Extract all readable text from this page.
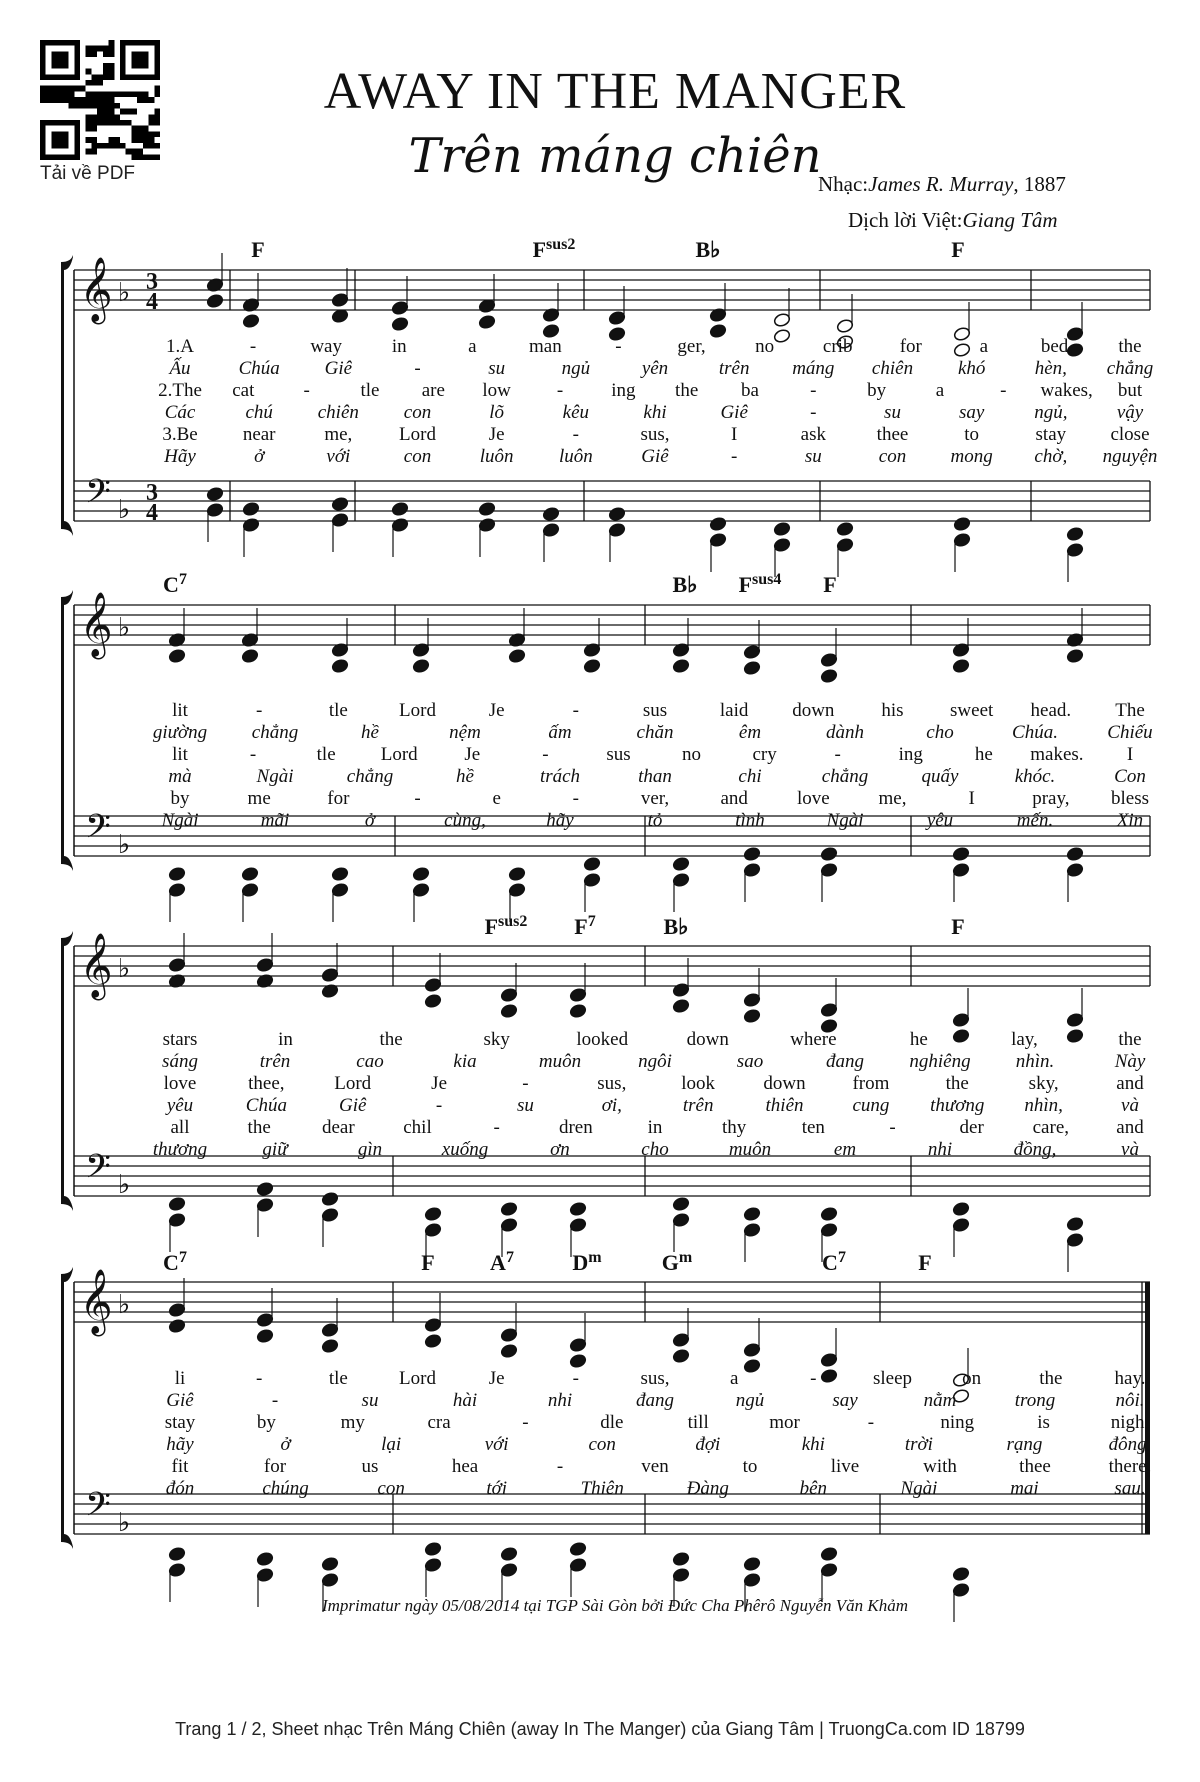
Tải về PDF
AWAY IN THE MANGER
Trên máng chiên
Nhạc:James R. Murray, 1887
Dịch lời Việt:Giang Tâm
𝄞
𝄢
♭
♭
3
4
3
4
F	$F^{sus2}$	B♭	F
1.A	-	way	in	a	man	-	ger,	no	crib for	a	bed, the
Ấu	Chúa Giê	-	su	ngủ	yên	trên máng chiên khó	hèn, chẳng
2.The cat	-	tle are low -	ing the ba	-	by	a	- wakes, but
Các	chú chiên con	lõ	kêu	khi	Giê	-	su	say	ngủ,	vậy
3.Be near	me, Lord	Je	-	sus,	I	ask	thee	to	stay close
Hãy	ở	với	con	luôn luôn	Giê	-	su	con mong chờ, nguyện
𝄞
𝄢
♭
♭
$C^7$	B♭ $F^{sus4}$ F
lit	-	tle	Lord	Je	-	sus	laid down his sweet head. The
giường chẳng	hề	nệm	ấm	chăn	êm	dành	cho	Chúa.	Chiếu
lit	-	tle Lord Je	-	sus	no	cry	-	ing	he makes. I
mà	Ngài	chẳng	hề	trách	than	chi	chẳng	quấy	khóc.	Con
by	me	for	-	e	-	ver,	and	love	me,	I	pray, bless
Ngài	mãi	ở	cùng,	hãy	tỏ	tình	Ngài	yêu	mến.	Xin
𝄞
𝄢
♭
♭
$F^{sus2}$ $F^7$	B♭	F
stars	in	the	sky	looked	down	where	he	lay,	the
sáng	trên	cao	kia	muôn	ngôi	sao	đang nghiêng nhìn.	Này
love	thee,	Lord	Je	-	sus,	look	down from	the	sky,	and
yêu	Chúa	Giê	-	su	ơi,	trên	thiên	cung thương nhìn,	và
all	the	dear	chil	-	dren	in	thy	ten	-	der	care, and
thương	giữ	gìn	xuống	ơn	cho	muôn	em	nhi	đồng,	và
𝄞
𝄢
♭
♭
$C^7$	F	$A^7$	$D^m$	$G^m$	$C^7$	F
li	-	tle	Lord	Je	-	sus,	a	-	sleep	on	the	hay.
Giê	-	su	hài	nhi	đang	ngủ	say	nằm	trong	nôi.
stay	by	my	cra	-	dle	till	mor	-	ning	is	nigh.
hãy	ở	lại	với	con	đợi	khi	trời	rạng	đông.
fit	for	us	hea	-	ven	to	live	with	thee	there.
đón	chúng	con	tới	Thiên	Đàng	bên	Ngài	mai	sau.
Imprimatur ngày 05/08/2014 tại TGP Sài Gòn bởi Đức Cha Phêrô Nguyễn Văn Khảm
Trang 1 / 2, Sheet nhạc Trên Máng Chiên (away In The Manger) của Giang Tâm | TruongCa.com ID 18799
